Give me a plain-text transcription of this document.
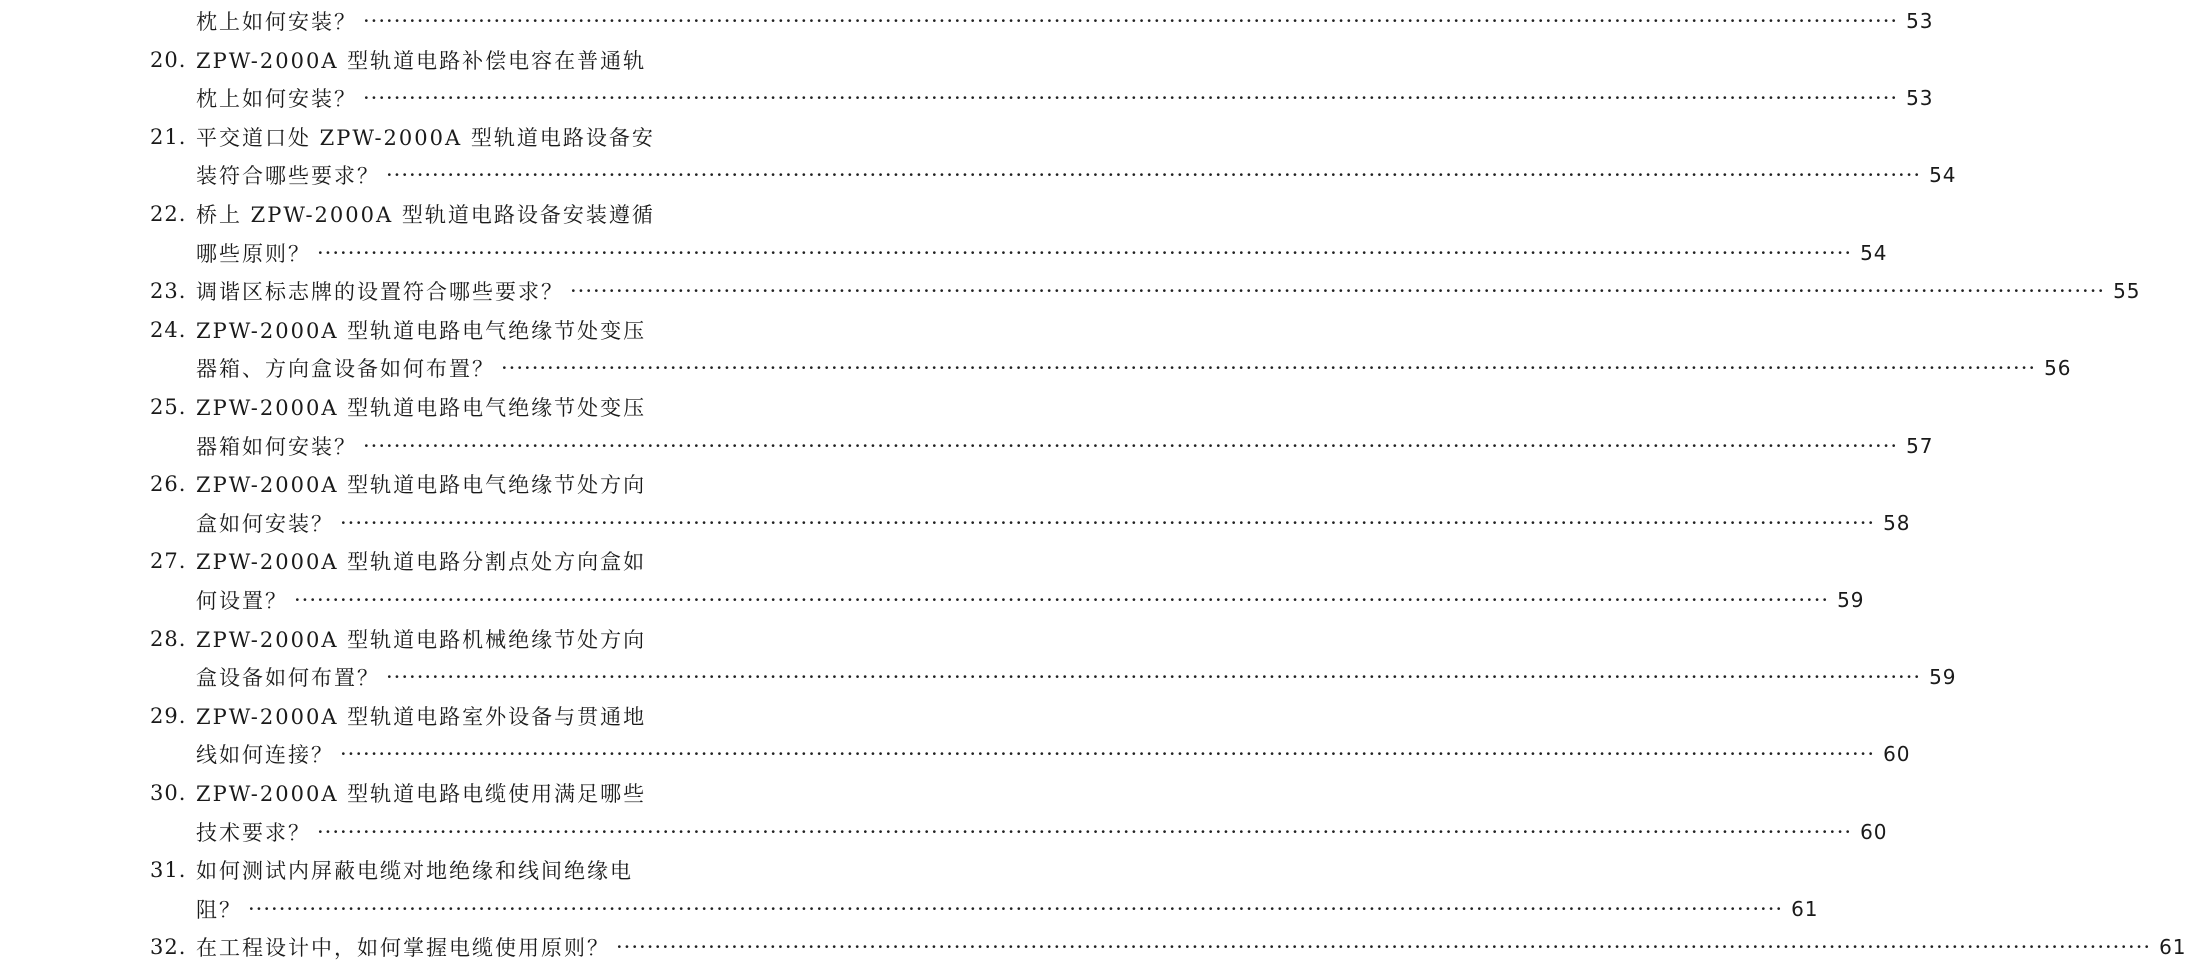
枕上如何安装？ ········································································································································································································ 53
20. ZPW-2000A 型轨道电路补偿电容在普通轨
枕上如何安装？ ········································································································································································································ 53
21. 平交道口处 ZPW-2000A 型轨道电路设备安
装符合哪些要求？ ········································································································································································································ 54
22. 桥上 ZPW-2000A 型轨道电路设备安装遵循
哪些原则？ ········································································································································································································ 54
23. 调谐区标志牌的设置符合哪些要求？ ········································································································································································································ 55
24. ZPW-2000A 型轨道电路电气绝缘节处变压
器箱、方向盒设备如何布置？ ········································································································································································································ 56
25. ZPW-2000A 型轨道电路电气绝缘节处变压
器箱如何安装？ ········································································································································································································ 57
26. ZPW-2000A 型轨道电路电气绝缘节处方向
盒如何安装？ ········································································································································································································ 58
27. ZPW-2000A 型轨道电路分割点处方向盒如
何设置？ ········································································································································································································ 59
28. ZPW-2000A 型轨道电路机械绝缘节处方向
盒设备如何布置？ ········································································································································································································ 59
29. ZPW-2000A 型轨道电路室外设备与贯通地
线如何连接？ ········································································································································································································ 60
30. ZPW-2000A 型轨道电路电缆使用满足哪些
技术要求？ ········································································································································································································ 60
31. 如何测试内屏蔽电缆对地绝缘和线间绝缘电
阻？ ········································································································································································································ 61
32. 在工程设计中，如何掌握电缆使用原则？ ········································································································································································································ 61
